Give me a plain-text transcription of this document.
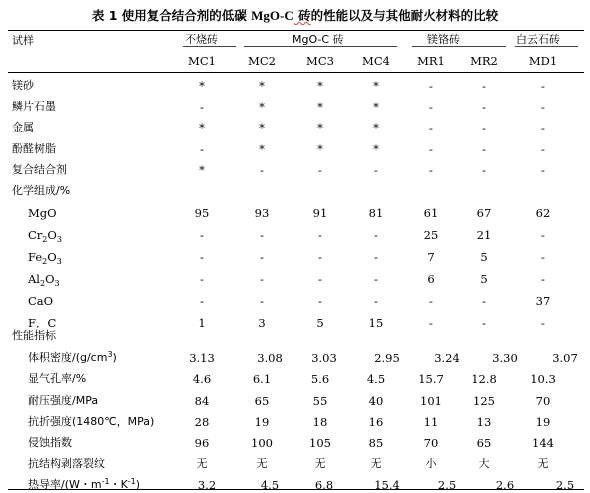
表 1 使用复合结合剂的低碳 MgO-C 砖的性能以及与其他耐火材料的比较
试样	不烧砖	MgO-C 砖	镁铬砖	白云石砖
MC1	MC2	MC3	MC4	MR1	MR2	MD1
镁砂	*	*	*	*	-	-	-
鳞片石墨	-	*	*	*	-	-	-
金属	*	*	*	*	-	-	-
酚醛树脂	-	*	*	*	-	-	-
复合结合剂	*	-	-	-	-	-	-
化学组成/%
MgO	95	93	91	81	61	67	62
$Cr_2O_3$	-	-	-	-	25	21	-
$Fe_2O_3$	-	-	-	-	7	5	-
$Al_2O_3$	-	-	-	-	6	5	-
CaO	-	-	-	-	-	-	37
F．C	1	3	5	15	-	-	-
性能指标
体积密度$/(g/cm^3)$	3.13	3.08	3.03	2.95	3.24	3.30	3.07
显气孔率/%	4.6	6.1	5.6	4.5	15.7	12.8	10.3
耐压强度/MPa	84	65	55	40	101	125	70
抗折强度(1480℃，MPa)	28	19	18	16	11	13	19
侵蚀指数	96	100	105	85	70	65	144
抗结构剥落裂纹	无	无	无	无	小	大	无
热导率/(W・$m^{-1}$・$K^{-1}$)	3.2	4.5	6.8	15.4	2.5	2.6	2.5
